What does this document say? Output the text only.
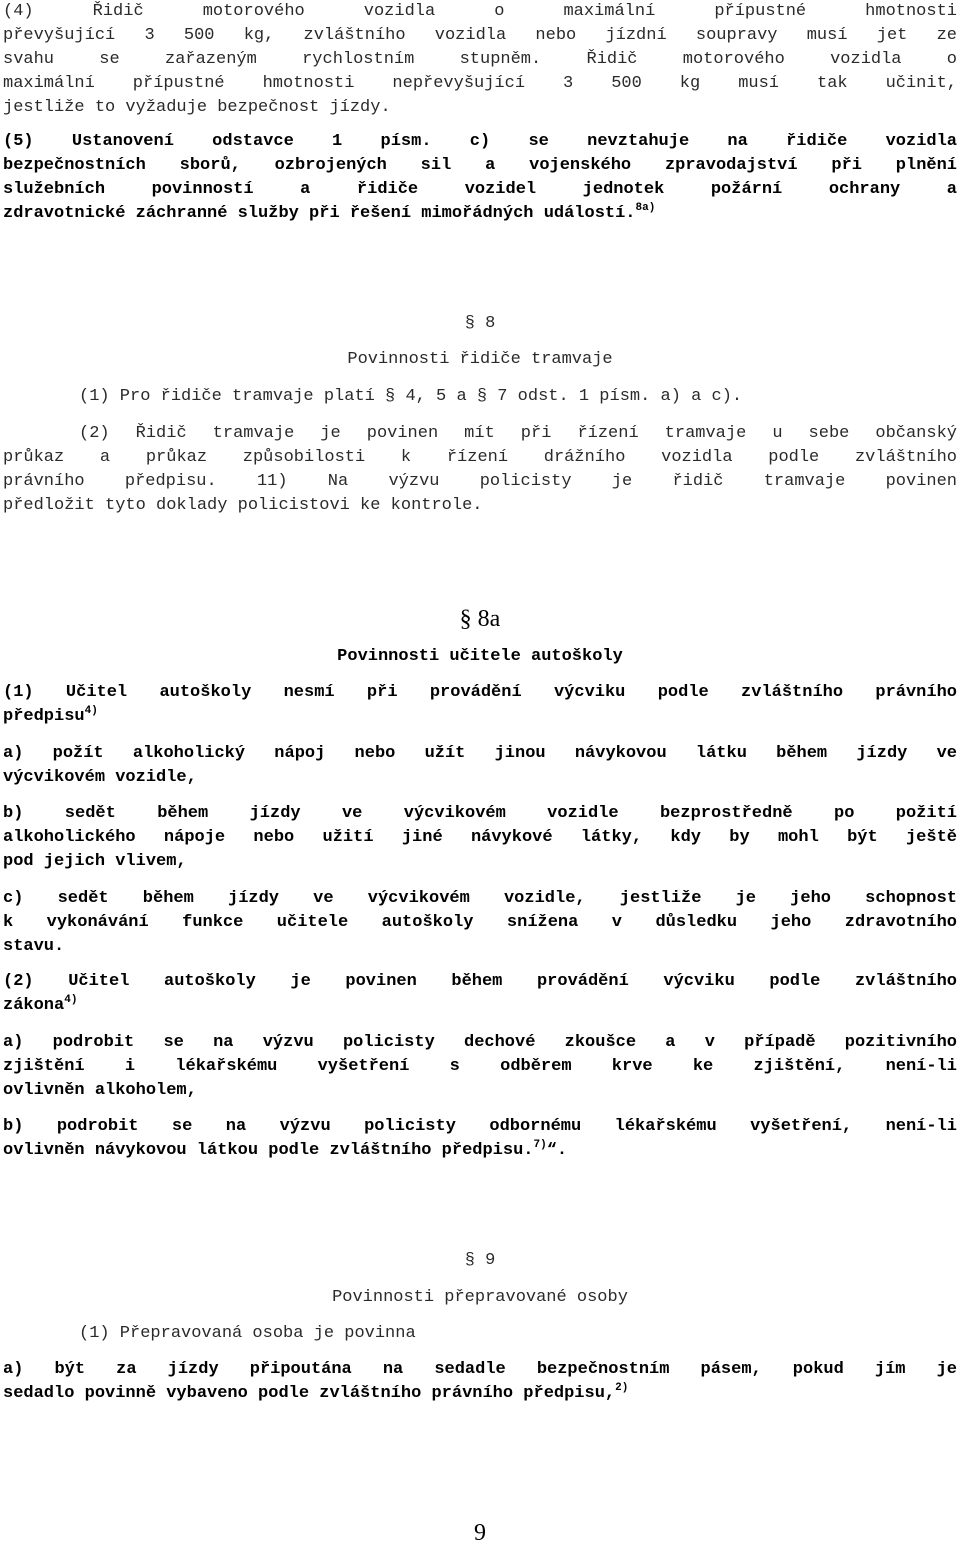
(4) Řidič motorového vozidla o maximální přípustné hmotnosti
převyšující 3 500 kg, zvláštního vozidla nebo jízdní soupravy musí jet ze
svahu se zařazeným rychlostním stupněm. Řidič motorového vozidla o
maximální přípustné hmotnosti nepřevyšující 3 500 kg musí tak učinit,
jestliže to vyžaduje bezpečnost jízdy.
(5) Ustanovení odstavce 1 písm. c) se nevztahuje na řidiče vozidla
bezpečnostních sborů, ozbrojených sil a vojenského zpravodajství při plnění
služebních povinností a řidiče vozidel jednotek požární ochrany a
zdravotnické záchranné služby při řešení mimořádných událostí.$^{8a)}$
§ 8
Povinnosti řidiče tramvaje
(1) Pro řidiče tramvaje platí § 4, 5 a § 7 odst. 1 písm. a) a c).
(2) Řidič tramvaje je povinen mít při řízení tramvaje u sebe občanský
průkaz a průkaz způsobilosti k řízení drážního vozidla podle zvláštního
právního předpisu. 11) Na výzvu policisty je řidič tramvaje povinen
předložit tyto doklady policistovi ke kontrole.
§ 8a
Povinnosti učitele autoškoly
(1) Učitel autoškoly nesmí při provádění výcviku podle zvláštního právního
předpisu$^{4)}$
a) požít alkoholický nápoj nebo užít jinou návykovou látku během jízdy ve
výcvikovém vozidle,
b) sedět během jízdy ve výcvikovém vozidle bezprostředně po požití
alkoholického nápoje nebo užití jiné návykové látky, kdy by mohl být ještě
pod jejich vlivem,
c) sedět během jízdy ve výcvikovém vozidle, jestliže je jeho schopnost
k vykonávání funkce učitele autoškoly snížena v důsledku jeho zdravotního
stavu.
(2) Učitel autoškoly je povinen během provádění výcviku podle zvláštního
zákona$^{4)}$
a) podrobit se na výzvu policisty dechové zkoušce a v případě pozitivního
zjištění i lékařskému vyšetření s odběrem krve ke zjištění, není-li
ovlivněn alkoholem,
b) podrobit se na výzvu policisty odbornému lékařskému vyšetření, není-li
ovlivněn návykovou látkou podle zvláštního předpisu.$^{7)}$“.
§ 9
Povinnosti přepravované osoby
(1) Přepravovaná osoba je povinna
a) být za jízdy připoutána na sedadle bezpečnostním pásem, pokud jím je
sedadlo povinně vybaveno podle zvláštního právního předpisu,$^{2)}$
9
